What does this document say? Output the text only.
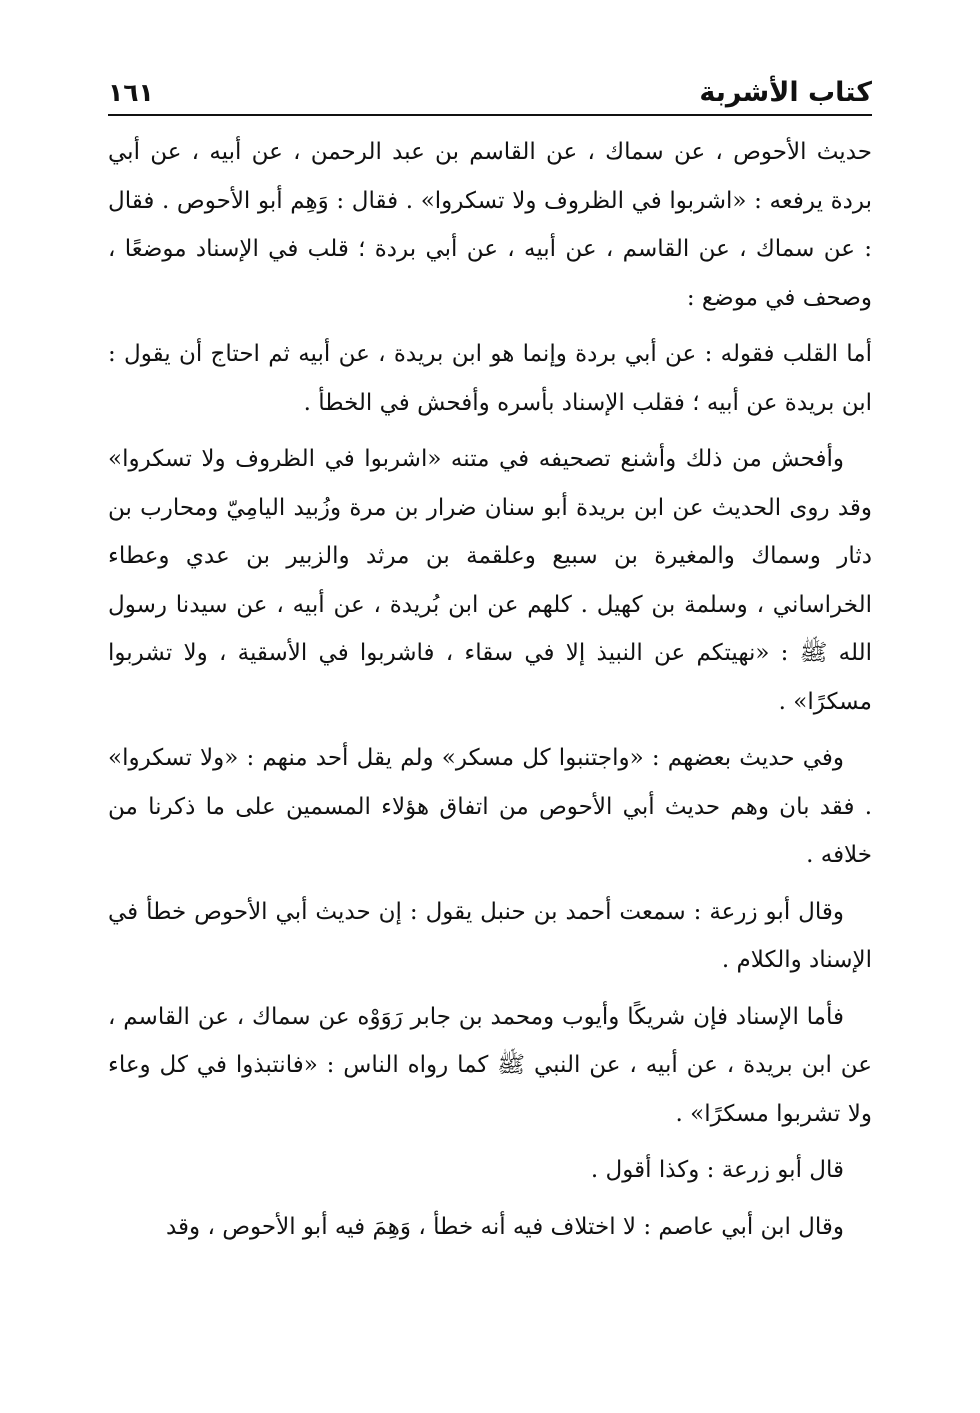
كتاب الأشربة
١٦١

حديث الأحوص ، عن سماك ، عن القاسم بن عبد الرحمن ، عن أبيه ، عن أبي بردة يرفعه : «اشربوا في الظروف ولا تسكروا» . فقال : وَهِم أبو الأحوص . فقال : عن سماك ، عن القاسم ، عن أبيه ، عن أبي بردة ؛ قلب في الإسناد موضعًا ، وصحف في موضع :

أما القلب فقوله : عن أبي بردة وإنما هو ابن بريدة ، عن أبيه ثم احتاج أن يقول : ابن بريدة عن أبيه ؛ فقلب الإسناد بأسره وأفحش في الخطأ .

وأفحش من ذلك وأشنع تصحيفه في متنه «اشربوا في الظروف ولا تسكروا» وقد روى الحديث عن ابن بريدة أبو سنان ضرار بن مرة وزُبيد اليامِيّ ومحارب بن دثار وسماك والمغيرة بن سبيع وعلقمة بن مرثد والزبير بن عدي وعطاء الخراساني ، وسلمة بن كهيل . كلهم عن ابن بُريدة ، عن أبيه ، عن سيدنا رسول الله ﷺ : «نهيتكم عن النبيذ إلا في سقاء ، فاشربوا في الأسقية ، ولا تشربوا مسكرًا» .

وفي حديث بعضهم : «واجتنبوا كل مسكر» ولم يقل أحد منهم : «ولا تسكروا» . فقد بان وهم حديث أبي الأحوص من اتفاق هؤلاء المسمين على ما ذكرنا من خلافه .

وقال أبو زرعة : سمعت أحمد بن حنبل يقول : إن حديث أبي الأحوص خطأ في الإسناد والكلام .

فأما الإسناد فإن شريكًا وأيوب ومحمد بن جابر رَوَوْه عن سماك ، عن القاسم ، عن ابن بريدة ، عن أبيه ، عن النبي ﷺ كما رواه الناس : «فانتبذوا في كل وعاء ولا تشربوا مسكرًا» .

قال أبو زرعة : وكذا أقول .

وقال ابن أبي عاصم : لا اختلاف فيه أنه خطأ ، وَهِمَ فيه أبو الأحوص ، وقد
